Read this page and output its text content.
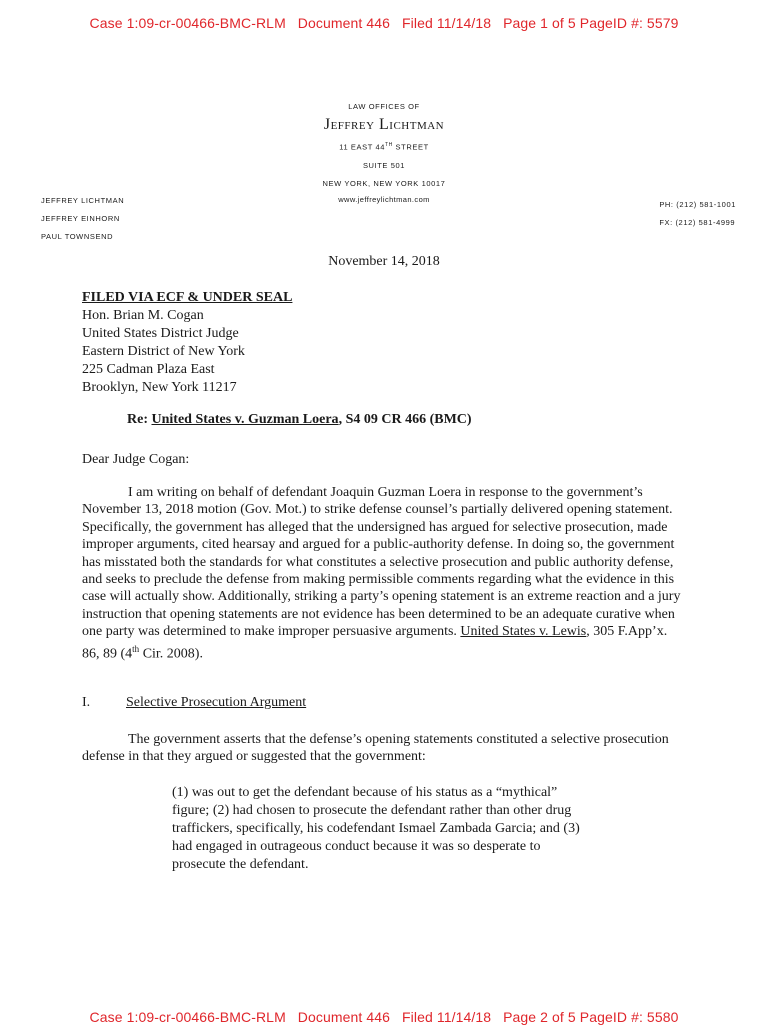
Case 1:09-cr-00466-BMC-RLM   Document 446   Filed 11/14/18   Page 1 of 5 PageID #: 5579
LAW OFFICES OF
Jeffrey Lichtman
11 EAST 44TH STREET
SUITE 501
NEW YORK, NEW YORK 10017
www.jeffreylichtman.com
JEFFREY LICHTMAN
JEFFREY EINHORN
PAUL TOWNSEND
PH: (212) 581-1001
FX: (212) 581-4999
November 14, 2018
FILED VIA ECF & UNDER SEAL
Hon. Brian M. Cogan
United States District Judge
Eastern District of New York
225 Cadman Plaza East
Brooklyn, New York 11217
Re: United States v. Guzman Loera, S4 09 CR 466 (BMC)
Dear Judge Cogan:
I am writing on behalf of defendant Joaquin Guzman Loera in response to the government’s November 13, 2018 motion (Gov. Mot.) to strike defense counsel’s partially delivered opening statement. Specifically, the government has alleged that the undersigned has argued for selective prosecution, made improper arguments, cited hearsay and argued for a public-authority defense. In doing so, the government has misstated both the standards for what constitutes a selective prosecution and public authority defense, and seeks to preclude the defense from making permissible comments regarding what the evidence in this case will actually show. Additionally, striking a party’s opening statement is an extreme reaction and a jury instruction that opening statements are not evidence has been determined to be an adequate curative when one party was determined to make improper persuasive arguments. United States v. Lewis, 305 F.App’x. 86, 89 (4th Cir. 2008).
I.	Selective Prosecution Argument
The government asserts that the defense’s opening statements constituted a selective prosecution defense in that they argued or suggested that the government:
(1) was out to get the defendant because of his status as a “mythical” figure; (2) had chosen to prosecute the defendant rather than other drug traffickers, specifically, his codefendant Ismael Zambada Garcia; and (3) had engaged in outrageous conduct because it was so desperate to prosecute the defendant.
Case 1:09-cr-00466-BMC-RLM   Document 446   Filed 11/14/18   Page 2 of 5 PageID #: 5580
